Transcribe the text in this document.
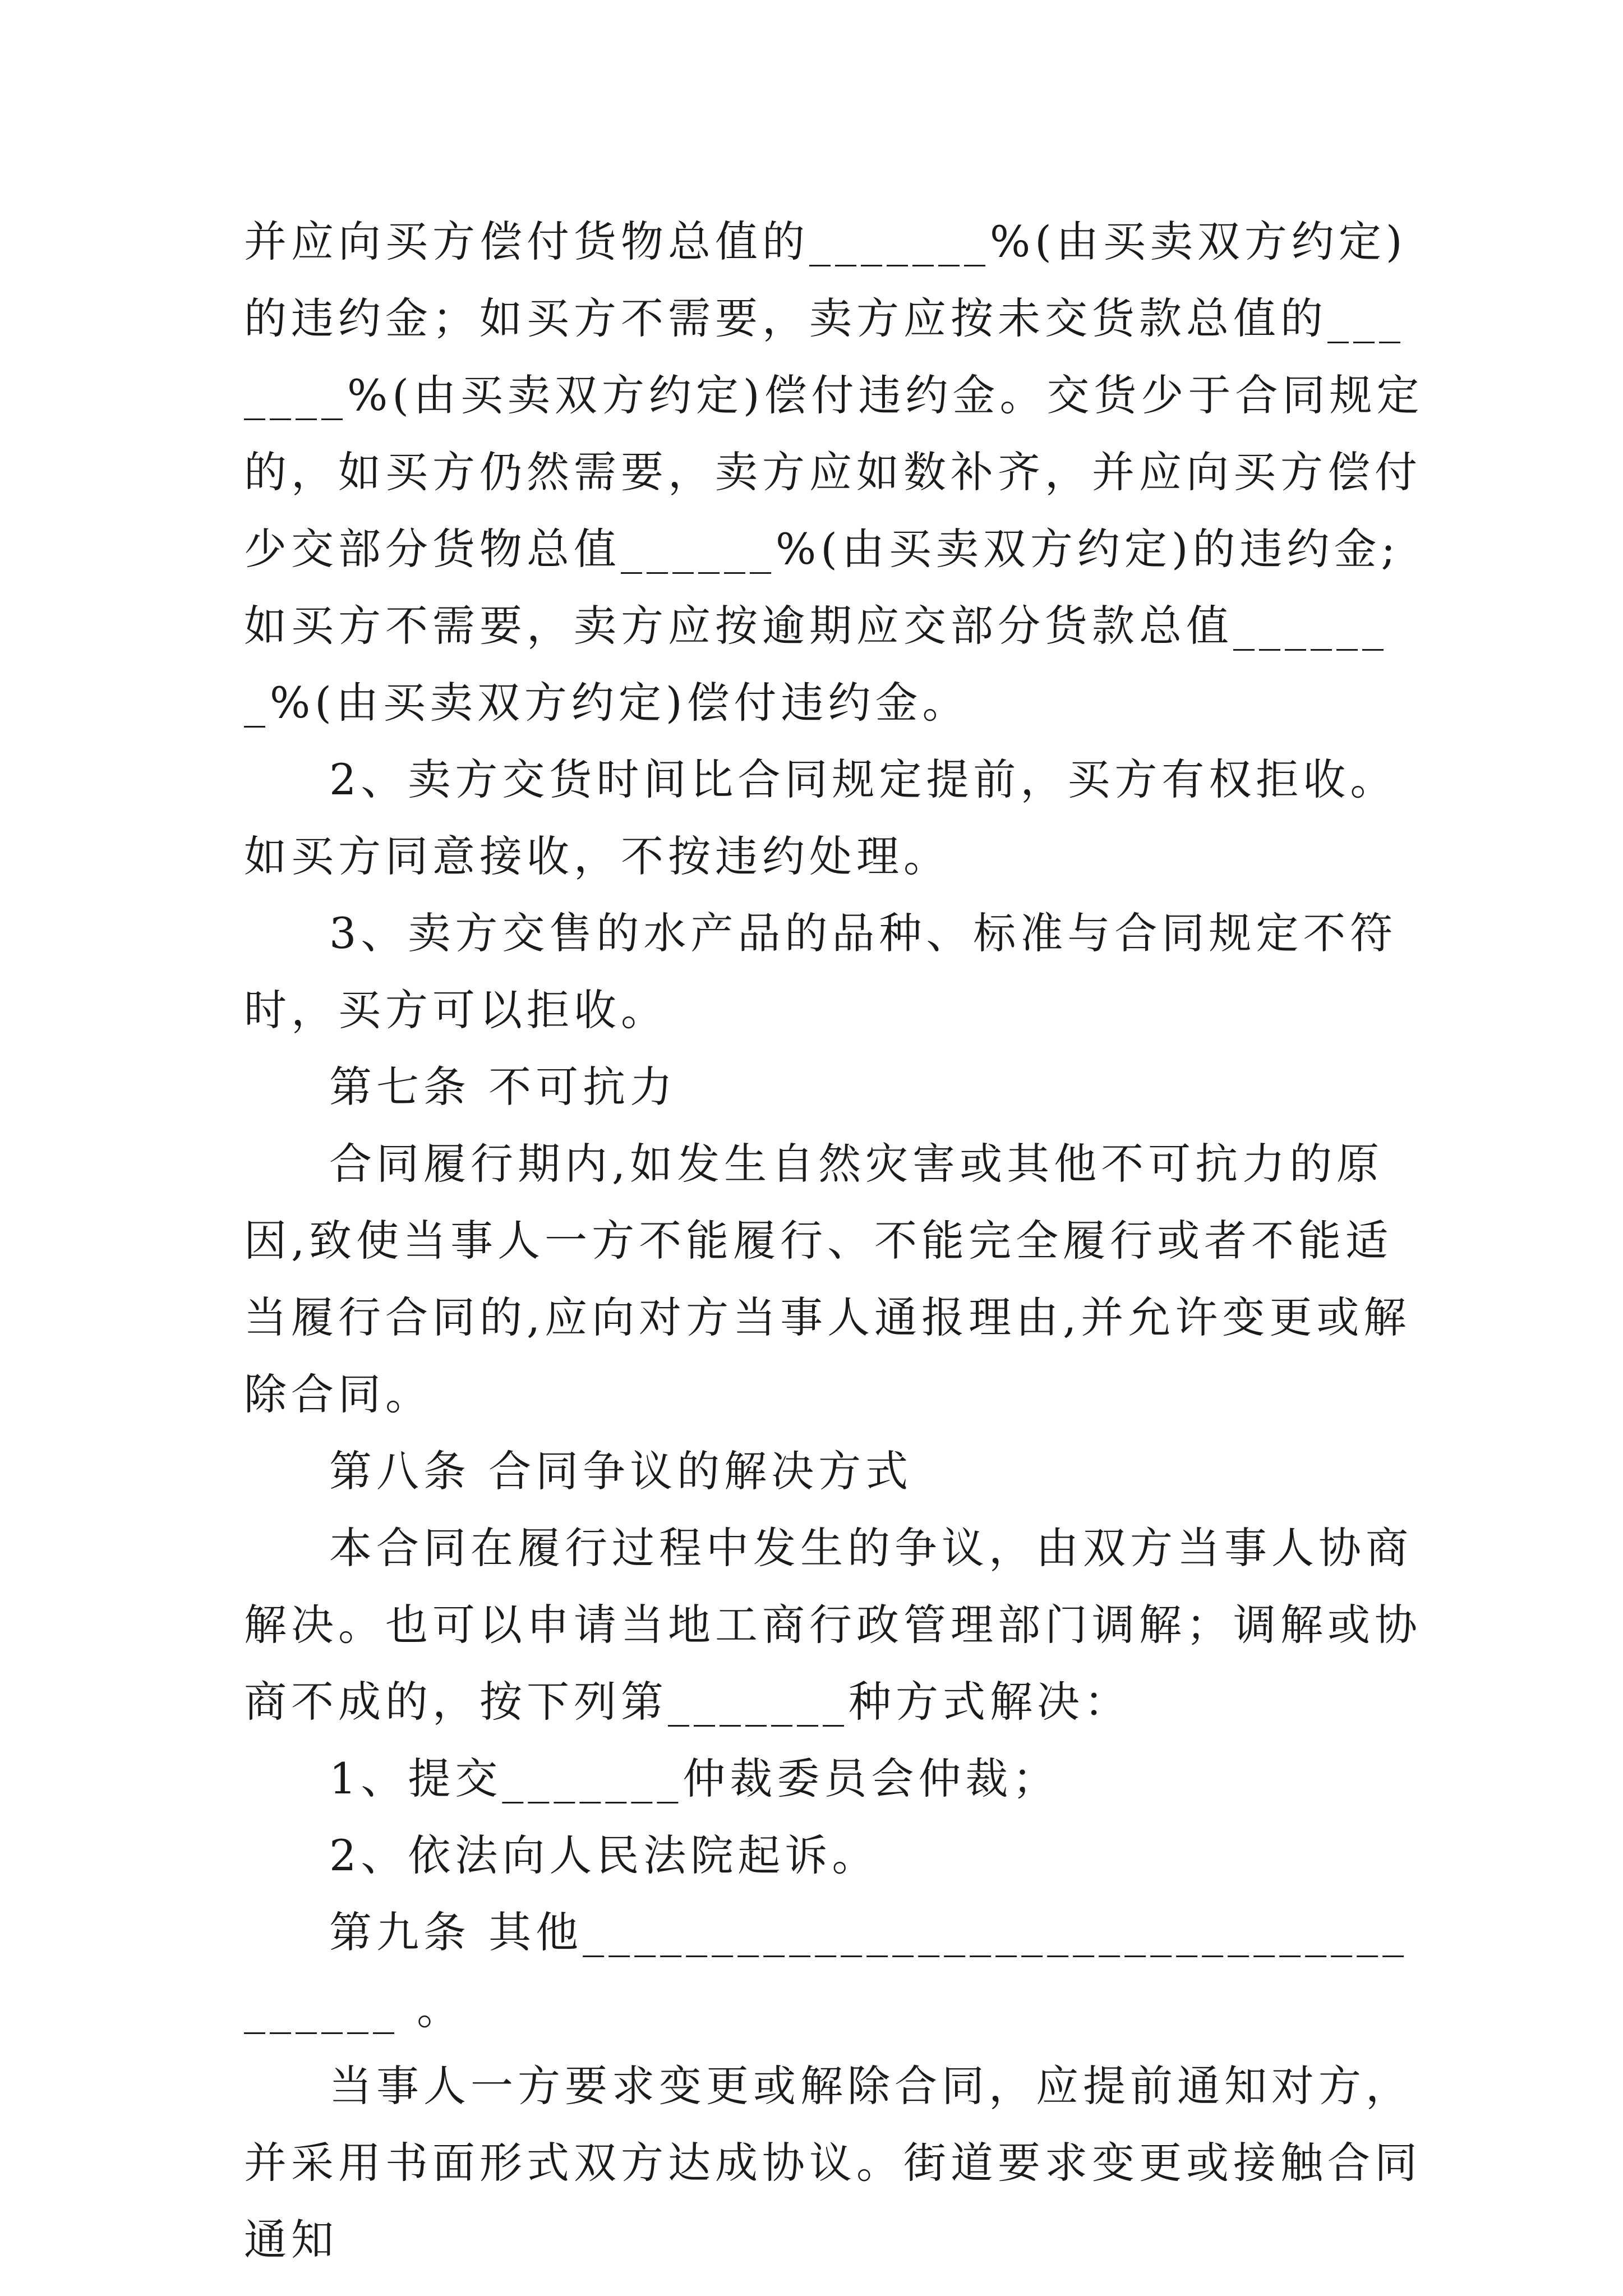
并应向买方偿付货物总值的_______%(由买卖双方约定)的违约金；如买方不需要，卖方应按未交货款总值的_______%(由买卖双方约定)偿付违约金。交货少于合同规定的，如买方仍然需要，卖方应如数补齐，并应向买方偿付少交部分货物总值______%(由买卖双方约定)的违约金;如买方不需要，卖方应按逾期应交部分货款总值_______%(由买卖双方约定)偿付违约金。

2、卖方交货时间比合同规定提前，买方有权拒收。如买方同意接收，不按违约处理。

3、卖方交售的水产品的品种、标准与合同规定不符时，买方可以拒收。

第七条 不可抗力

合同履行期内,如发生自然灾害或其他不可抗力的原因,致使当事人一方不能履行、不能完全履行或者不能适当履行合同的,应向对方当事人通报理由,并允许变更或解除合同。

第八条 合同争议的解决方式

本合同在履行过程中发生的争议，由双方当事人协商解决。也可以申请当地工商行政管理部门调解；调解或协商不成的，按下列第_______种方式解决：

1、提交_______仲裁委员会仲裁；

2、依法向人民法院起诉。

第九条 其他______________________________________ 。

当事人一方要求变更或解除合同，应提前通知对方，并采用书面形式双方达成协议。街道要求变更或接触合同通知
